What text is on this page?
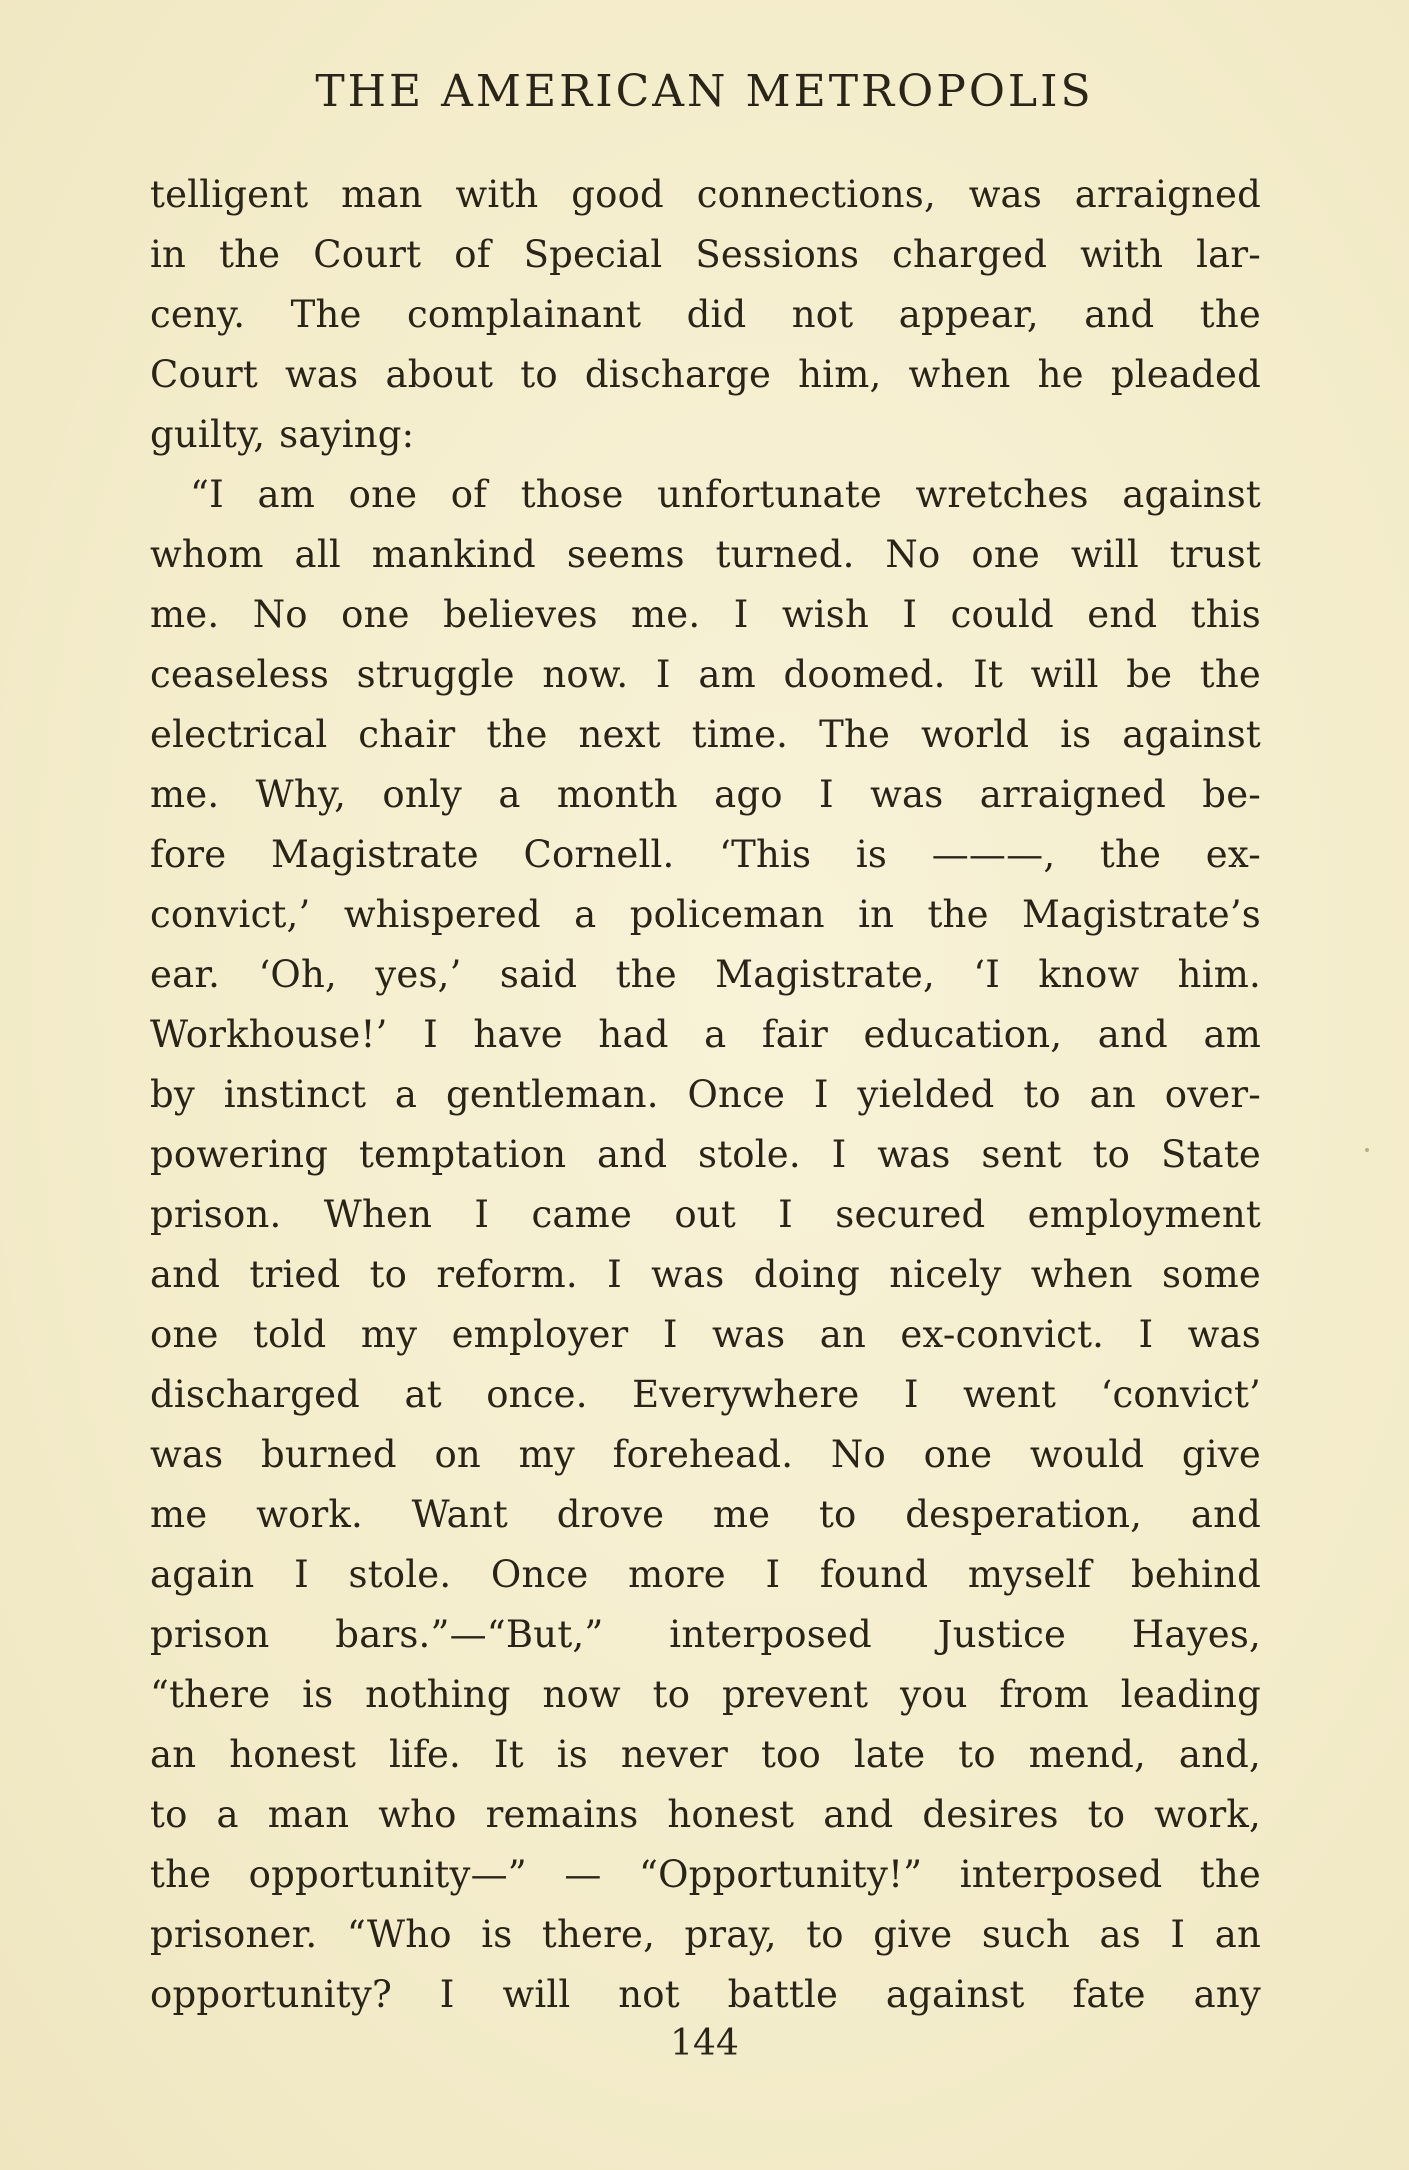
THE AMERICAN METROPOLIS
telligent man with good connections, was arraigned
in the Court of Special Sessions charged with lar-
ceny. The complainant did not appear, and the
Court was about to discharge him, when he pleaded
guilty, saying:
“I am one of those unfortunate wretches against
whom all mankind seems turned. No one will trust
me. No one believes me. I wish I could end this
ceaseless struggle now. I am doomed. It will be the
electrical chair the next time. The world is against
me. Why, only a month ago I was arraigned be-
fore Magistrate Cornell. ‘This is ———, the ex-
convict,’ whispered a policeman in the Magistrate’s
ear. ‘Oh, yes,’ said the Magistrate, ‘I know him.
Workhouse!’ I have had a fair education, and am
by instinct a gentleman. Once I yielded to an over-
powering temptation and stole. I was sent to State
prison. When I came out I secured employment
and tried to reform. I was doing nicely when some
one told my employer I was an ex-convict. I was
discharged at once. Everywhere I went ‘convict’
was burned on my forehead. No one would give
me work. Want drove me to desperation, and
again I stole. Once more I found myself behind
prison bars.”—“But,” interposed Justice Hayes,
“there is nothing now to prevent you from leading
an honest life. It is never too late to mend, and,
to a man who remains honest and desires to work,
the opportunity—” — “Opportunity!” interposed the
prisoner. “Who is there, pray, to give such as I an
opportunity? I will not battle against fate any
144
